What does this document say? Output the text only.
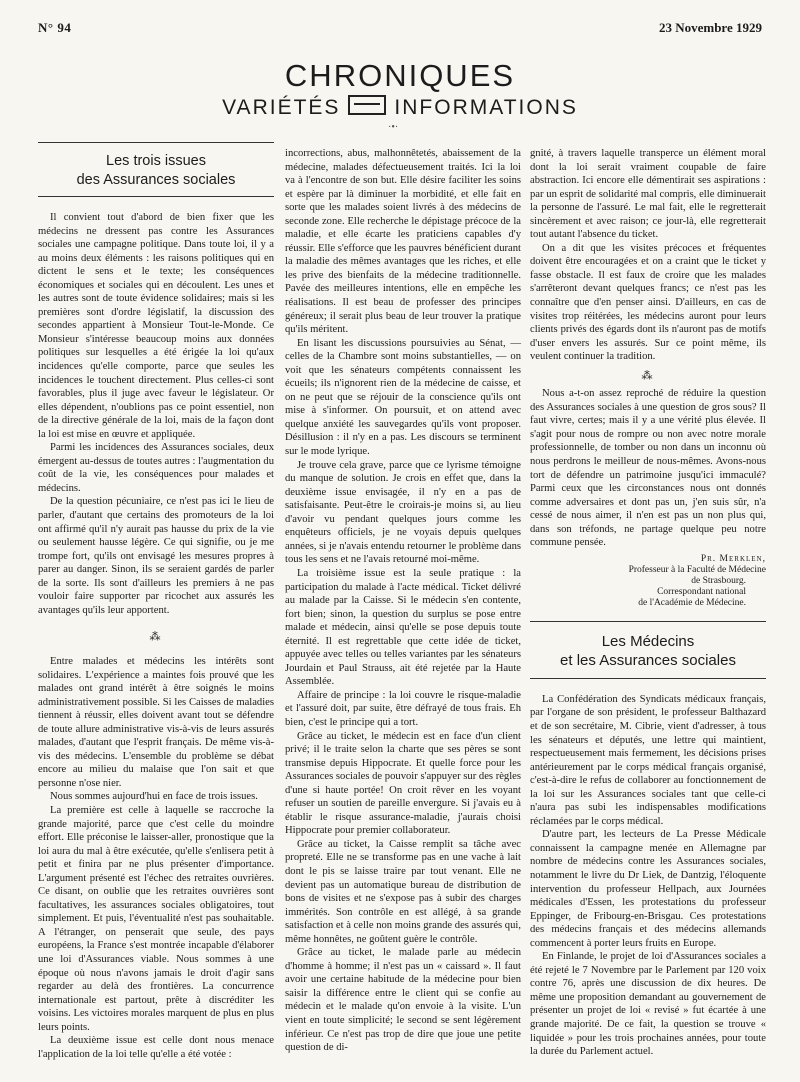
N° 94	23 Novembre 1929
CHRONIQUES
VARIÉTÉS	INFORMATIONS
·•·
Les trois issues
des Assurances sociales

Il convient tout d'abord de bien fixer que les médecins ne dressent pas contre les Assurances sociales une campagne politique. Dans toute loi, il y a au moins deux éléments : les raisons politiques qui en dictent le sens et le texte; les conséquences économiques et sociales qui en découlent. Les unes et les autres sont de toute évidence solidaires; mais si les premières sont d'ordre législatif, la discussion des secondes appartient à Monsieur Tout-le-Monde. Ce Monsieur s'intéresse beaucoup moins aux données politiques sur lesquelles a été érigée la loi qu'aux incidences qu'elle comporte, parce que seules les incidences le touchent directement. Plus celles-ci sont favorables, plus il juge avec faveur le législateur. Or elles dépendent, n'oublions pas ce point essentiel, non de la directive générale de la loi, mais de la façon dont la loi est mise en œuvre et appliquée.

Parmi les incidences des Assurances sociales, deux émergent au-dessus de toutes autres : l'augmentation du coût de la vie, les conséquences pour malades et médecins.

De la question pécuniaire, ce n'est pas ici le lieu de parler, d'autant que certains des promoteurs de la loi ont affirmé qu'il n'y aurait pas hausse du prix de la vie ou seulement hausse légère. Ce qui signifie, ou je me trompe fort, qu'ils ont envisagé les mesures propres à parer au danger. Sinon, ils se seraient gardés de parler de la sorte. Ils sont d'ailleurs les premiers à ne pas vouloir faire supporter par ricochet aux assurés les avantages qu'ils leur apportent.

⁂

Entre malades et médecins les intérêts sont solidaires. L'expérience a maintes fois prouvé que les malades ont grand intérêt à être soignés le moins administrativement possible. Si les Caisses de maladies tiennent à réussir, elles doivent avant tout se défendre de toute allure administrative vis-à-vis de leurs assurés malades, d'autant que l'esprit français. De même vis-à-vis des médecins. L'ensemble du problème se débat encore au milieu du malaise que l'on sait et que personne n'ose nier.

Nous sommes aujourd'hui en face de trois issues.

La première est celle à laquelle se raccroche la grande majorité, parce que c'est celle du moindre effort. Elle préconise le laisser-aller, pronostique que la loi aura du mal à être exécutée, qu'elle s'enlisera petit à petit et finira par ne plus présenter d'importance. L'argument présenté est l'échec des retraites ouvrières. Ce disant, on oublie que les retraites ouvrières sont facultatives, les assurances sociales obligatoires, tout simplement. Et puis, l'éventualité n'est pas souhaitable. A l'étranger, on penserait que seule, des pays européens, la France s'est montrée incapable d'élaborer une loi d'Assurances viable. Nous sommes à une époque où nous n'avons jamais le droit d'agir sans regarder au delà des frontières. La concurrence internationale est partout, prête à discréditer les voisins. Les victoires morales marquent de plus en plus leurs points.

La deuxième issue est celle dont nous menace l'application de la loi telle qu'elle a été votée :

incorrections, abus, malhonnêtetés, abaissement de la médecine, malades défectueusement traités. Ici la loi va à l'encontre de son but. Elle désire faciliter les soins et espère par là diminuer la morbidité, et elle fait en sorte que les malades soient livrés à des médecins de seconde zone. Elle recherche le dépistage précoce de la maladie, et elle écarte les praticiens capables d'y réussir. Elle s'efforce que les pauvres bénéficient durant la maladie des mêmes avantages que les riches, et elle les prive des bienfaits de la médecine traditionnelle. Pavée des meilleures intentions, elle en empêche les réalisations. Il est beau de professer des principes généreux; il serait plus beau de leur trouver la pratique qu'ils méritent.

En lisant les discussions poursuivies au Sénat, — celles de la Chambre sont moins substantielles, — on voit que les sénateurs compétents connaissent les écueils; ils n'ignorent rien de la médecine de caisse, et on ne peut que se réjouir de la conscience qu'ils ont mise à s'informer. On poursuit, et on attend avec quelque anxiété les sauvegardes qu'ils vont proposer. Désillusion : il n'y en a pas. Les discours se terminent sur le mode lyrique.

Je trouve cela grave, parce que ce lyrisme témoigne du manque de solution. Je crois en effet que, dans la deuxième issue envisagée, il n'y en a pas de satisfaisante. Peut-être le croirais-je moins si, au lieu d'avoir vu pendant quelques jours comme les enquêteurs officiels, je ne voyais depuis quelques années, si je n'avais entendu retourner le problème dans tous les sens et ne l'avais retourné moi-même.

La troisième issue est la seule pratique : la participation du malade à l'acte médical. Ticket délivré au malade par la Caisse. Si le médecin s'en contente, fort bien; sinon, la question du surplus se pose entre malade et médecin, ainsi qu'elle se pose depuis toute éternité. Il est regrettable que cette idée de ticket, appuyée avec telles ou telles variantes par les sénateurs Jourdain et Paul Strauss, ait été rejetée par la Haute Assemblée.

Affaire de principe : la loi couvre le risque-maladie et l'assuré doit, par suite, être défrayé de tous frais. Eh bien, c'est le principe qui a tort.

Grâce au ticket, le médecin est en face d'un client privé; il le traite selon la charte que ses pères se sont transmise depuis Hippocrate. Et quelle force pour les Assurances sociales de pouvoir s'appuyer sur des règles d'une si haute portée! On croit rêver en les voyant refuser un soutien de pareille envergure. Si j'avais eu à établir le risque assurance-maladie, j'aurais choisi Hippocrate pour premier collaborateur.

Grâce au ticket, la Caisse remplit sa tâche avec propreté. Elle ne se transforme pas en une vache à lait dont le pis se laisse traire par tout venant. Elle ne devient pas un automatique bureau de distribution de bons de visites et ne s'expose pas à subir des charges immérités. Son contrôle en est allégé, à sa grande satisfaction et à celle non moins grande des assurés qui, même honnêtes, ne goûtent guère le contrôle.

Grâce au ticket, le malade parle au médecin d'homme à homme; il n'est pas un « caissard ». Il faut avoir une certaine habitude de la médecine pour bien saisir la différence entre le client qui se confie au médecin et le malade qu'on envoie à la visite. L'un vient en toute simplicité; le second se sent légèrement inférieur. Ce n'est pas trop de dire que joue une petite question de di-

gnité, à travers laquelle transperce un élément moral dont la loi serait vraiment coupable de faire abstraction. Ici encore elle démentirait ses aspirations : par un esprit de solidarité mal compris, elle diminuerait la personne de l'assuré. Le mal fait, elle le regretterait sincèrement et avec raison; ce jour-là, elle regretterait tout autant l'absence du ticket.

On a dit que les visites précoces et fréquentes doivent être encouragées et on a craint que le ticket y fasse obstacle. Il est faux de croire que les malades s'arrêteront devant quelques francs; ce n'est pas les connaître que d'en penser ainsi. D'ailleurs, en cas de visites trop réitérées, les médecins auront pour leurs clients privés des égards dont ils n'auront pas de motifs d'user envers les assurés. Sur ce point même, ils veulent continuer la tradition.

⁂

Nous a-t-on assez reproché de réduire la question des Assurances sociales à une question de gros sous? Il faut vivre, certes; mais il y a une vérité plus élevée. Il s'agit pour nous de rompre ou non avec notre morale professionnelle, de tomber ou non dans un inconnu où nous perdrons le meilleur de nous-mêmes. Avons-nous tort de défendre un patrimoine jusqu'ici immaculé? Parmi ceux que les circonstances nous ont donnés comme adversaires et dont pas un, j'en suis sûr, n'a cessé de nous aimer, il n'en est pas un non plus qui, dans son tréfonds, ne partage quelque peu notre commune pensée.

Pr. Merklen,
Professeur à la Faculté de Médecine
de Strasbourg.
Correspondant national
de l'Académie de Médecine.
Les Médecins
et les Assurances sociales

La Confédération des Syndicats médicaux français, par l'organe de son président, le professeur Balthazard et de son secrétaire, M. Cibrie, vient d'adresser, à tous les sénateurs et députés, une lettre qui maintient, respectueusement mais fermement, les décisions prises antérieurement par le corps médical français organisé, c'est-à-dire le refus de collaborer au fonctionnement de la loi sur les Assurances sociales tant que celle-ci n'aura pas subi les indispensables modifications réclamées par le corps médical.

D'autre part, les lecteurs de La Presse Médicale connaissent la campagne menée en Allemagne par nombre de médecins contre les Assurances sociales, notamment le livre du Dr Liek, de Dantzig, l'éloquente intervention du professeur Hellpach, aux Journées médicales d'Essen, les protestations du professeur Eppinger, de Fribourg-en-Brisgau. Ces protestations des médecins français et des médecins allemands commencent à porter leurs fruits en Europe.

En Finlande, le projet de loi d'Assurances sociales a été rejeté le 7 Novembre par le Parlement par 120 voix contre 76, après une discussion de dix heures. De même une proposition demandant au gouvernement de présenter un projet de loi « revisé » fut écartée à une grande majorité. De ce fait, la question se trouve « liquidée » pour les trois prochaines années, pour toute la durée du Parlement actuel.
